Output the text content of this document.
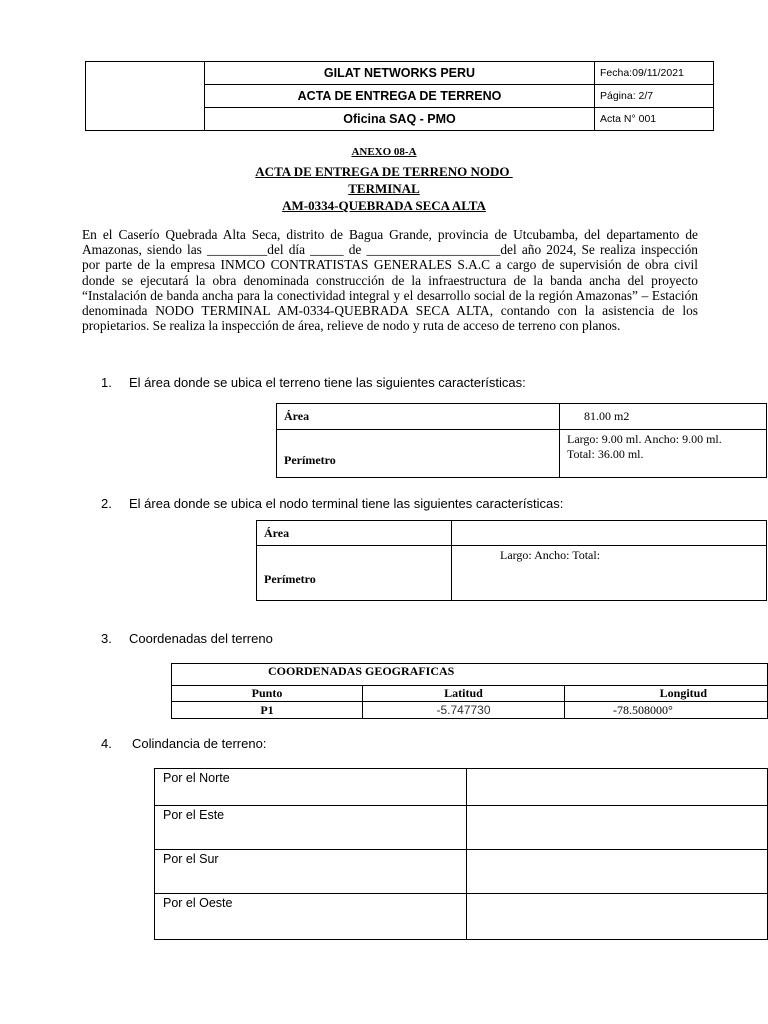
	GILAT NETWORKS PERU	Fecha:09/11/2021
	ACTA DE ENTREGA DE TERRENO	Página: 2/7
	Oficina SAQ - PMO	Acta N° 001
ANEXO 08-A
ACTA DE ENTREGA DE TERRENO NODO
TERMINAL
AM-0334-QUEBRADA SECA ALTA

En el Caserío Quebrada Alta Seca, distrito de Bagua Grande, provincia de Utcubamba, del departamento de Amazonas, siendo las _________del día _____ de ____________________del año 2024, Se realiza inspección por parte de la empresa INMCO CONTRATISTAS GENERALES S.A.C a cargo de supervisión de obra civil donde se ejecutará la obra denominada construcción de la infraestructura de la banda ancha del proyecto “Instalación de banda ancha para la conectividad integral y el desarrollo social de la región Amazonas” – Estación denominada NODO TERMINAL AM-0334-QUEBRADA SECA ALTA, contando con la asistencia de los propietarios. Se realiza la inspección de área, relieve de nodo y ruta de acceso de terreno con planos.

1. El área donde se ubica el terreno tiene las siguientes características:
Área	81.00 m2
Perímetro	Largo: 9.00 ml. Ancho: 9.00 ml.
Total: 36.00 ml.
2. El área donde se ubica el nodo terminal tiene las siguientes características:
Área	
Perímetro	Largo: Ancho: Total:
3. Coordenadas del terreno
COORDENADAS GEOGRAFICAS		
Punto	Latitud	Longitud
P1	-5.747730	-78.508000°
4. Colindancia de terreno:
Por el Norte	
Por el Este	
Por el Sur	
Por el Oeste	
